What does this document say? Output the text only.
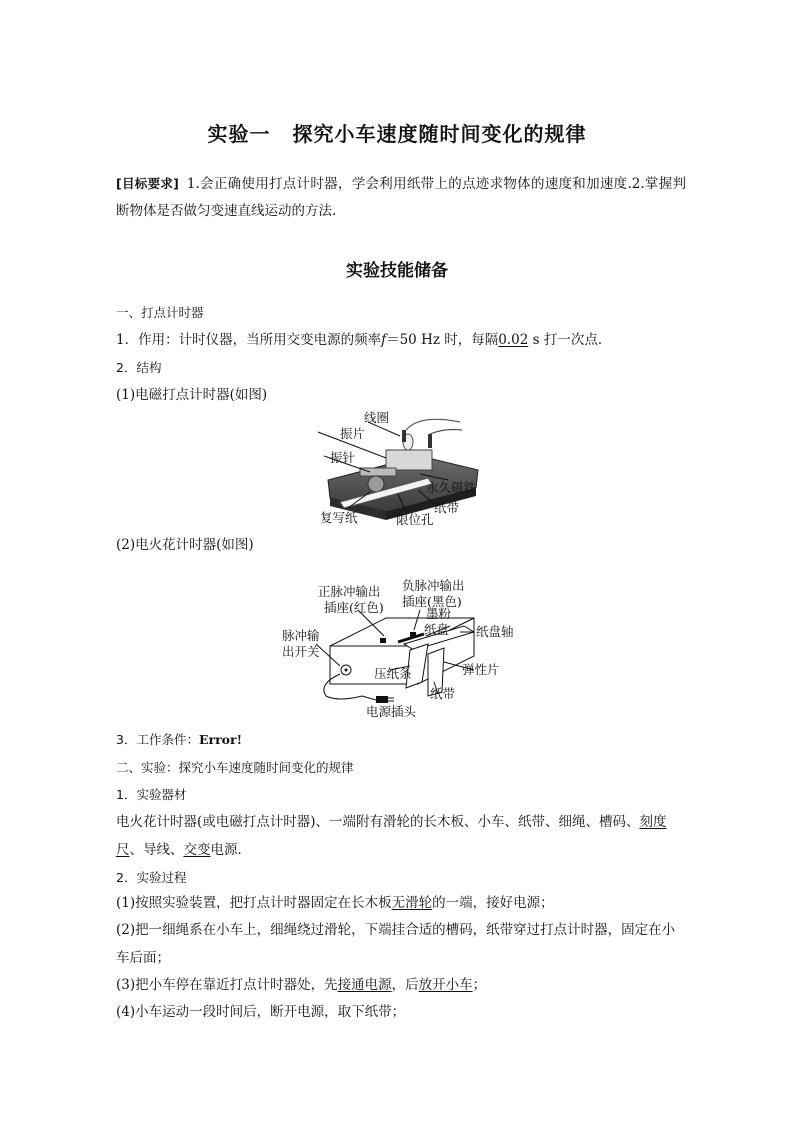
实验一 探究小车速度随时间变化的规律
[目标要求] 1.会正确使用打点计时器，学会利用纸带上的点迹求物体的速度和加速度.2.掌握判断物体是否做匀变速直线运动的方法.
实验技能储备
一、打点计时器
1．作用：计时仪器，当所用交变电源的频率f＝50 Hz 时，每隔0.02 s 打一次点．
2．结构
(1)电磁打点计时器(如图)
线圈
振片
振针
永久磁铁
纸带
复写纸	限位孔
(2)电火花计时器(如图)
正脉冲输出
插座(红色)
负脉冲输出
插座(黑色)
墨粉
纸盘 纸盘轴
脉冲输
出开关
弹性片
压纸条
纸带
电源插头
3．工作条件：Error!
二、实验：探究小车速度随时间变化的规律
1．实验器材
电火花计时器(或电磁打点计时器)、一端附有滑轮的长木板、小车、纸带、细绳、槽码、刻度尺、导线、交变电源．
2．实验过程
(1)按照实验装置，把打点计时器固定在长木板无滑轮的一端，接好电源；
(2)把一细绳系在小车上，细绳绕过滑轮，下端挂合适的槽码，纸带穿过打点计时器，固定在小车后面；
(3)把小车停在靠近打点计时器处，先接通电源，后放开小车；
(4)小车运动一段时间后，断开电源，取下纸带；
